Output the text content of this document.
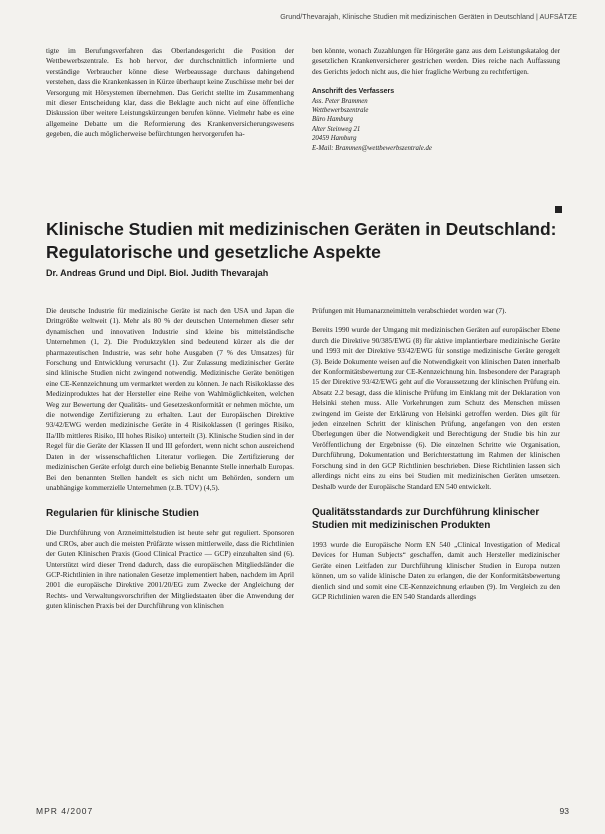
Grund/Thevarajah, Klinische Studien mit medizinischen Geräten in Deutschland | AUFSÄTZE

tigte im Berufungsverfahren das Oberlandesgericht die Position der Wettbewerbszentrale. Es hob hervor, der durchschnittlich informierte und verständige Verbraucher könne diese Werbeaussage durchaus dahingehend verstehen, dass die Krankenkassen in Kürze überhaupt keine Zuschüsse mehr bei der Versorgung mit Hörsystemen übernehmen. Das Gericht stellte im Zusammenhang mit dieser Entscheidung klar, dass die Beklagte auch nicht auf eine öffentliche Diskussion über weitere Leistungskürzungen berufen könne. Vielmehr habe es eine allgemeine Debatte um die Reformierung des Krankenversicherungswesens gegeben, die auch möglicherweise befürchtungen hervorgerufen ha-

ben könnte, wonach Zuzahlungen für Hörgeräte ganz aus dem Leistungskatalog der gesetzlichen Krankenversicherer gestrichen werden. Dies reiche nach Auffassung des Gerichts jedoch nicht aus, die hier fragliche Werbung zu rechtfertigen.

Anschrift des Verfassers
Ass. Peter Brammen
Wettbewerbszentrale
Büro Hamburg
Alter Steinweg 21
20459 Hamburg
E-Mail: Brammen@wettbewerbszentrale.de
Klinische Studien mit medizinischen Geräten in Deutschland: Regulatorische und gesetzliche Aspekte
Dr. Andreas Grund und Dipl. Biol. Judith Thevarajah

Die deutsche Industrie für medizinische Geräte ist nach den USA und Japan die Drittgrößte weltweit (1). Mehr als 80 % der deutschen Unternehmen dieser sehr dynamischen und innovativen Industrie sind kleine bis mittelständische Unternehmen (1, 2). Die Produktzyklen sind bedeutend kürzer als die der pharmazeutischen Industrie, was sehr hohe Ausgaben (7 % des Umsatzes) für Forschung und Entwicklung verursacht (1). Zur Zulassung medizinischer Geräte sind klinische Studien nicht zwingend notwendig. Medizinische Geräte benötigen eine CE-Kennzeichnung um vermarktet werden zu können. Je nach Risikoklasse des Medizinproduktes hat der Hersteller eine Reihe von Wahlmöglichkeiten, welchen Weg zur Bewertung der Qualitäts- und Gesetzeskonformität er nehmen möchte, um die notwendige Zertifizierung zu erhalten. Laut der Europäischen Direktive 93/42/EWG werden medizinische Geräte in 4 Risikoklassen (I geringes Risiko, IIa/IIb mittleres Risiko, III hohes Risiko) unterteilt (3). Klinische Studien sind in der Regel für die Geräte der Klassen II und III gefordert, wenn nicht schon ausreichend Daten in der wissenschaftlichen Literatur vorliegen. Die Zertifizierung der medizinischen Geräte erfolgt durch eine beliebig Benannte Stelle innerhalb Europas. Bei den benannten Stellen handelt es sich nicht um Behörden, sondern um unabhängige kommerzielle Unternehmen (z.B. TÜV) (4,5).

Regularien für klinische Studien

Die Durchführung von Arzneimittelstudien ist heute sehr gut reguliert. Sponsoren und CROs, aber auch die meisten Prüfärzte wissen mittlerweile, dass die Richtlinien der Guten Klinischen Praxis (Good Clinical Practice — GCP) einzuhalten sind (6). Unterstützt wird dieser Trend dadurch, dass die europäischen Mitgliedsländer die GCP-Richtlinien in ihre nationalen Gesetze implementiert haben, nachdem im April 2001 die europäische Direktive 2001/20/EG zum Zwecke der Angleichung der Rechts- und Verwaltungsvorschriften der Mitgliedstaaten über die Anwendung der guten klinischen Praxis bei der Durchführung von klinischen

Prüfungen mit Humanarzneimitteln verabschiedet worden war (7).

Bereits 1990 wurde der Umgang mit medizinischen Geräten auf europäischer Ebene durch die Direktive 90/385/EWG (8) für aktive implantierbare medizinische Geräte und 1993 mit der Direktive 93/42/EWG für sonstige medizinische Geräte geregelt (3). Beide Dokumente weisen auf die Notwendigkeit von klinischen Daten innerhalb der Konformitätsbewertung zur CE-Kennzeichnung hin. Insbesondere der Paragraph 15 der Direktive 93/42/EWG geht auf die Voraussetzung der klinischen Prüfung ein. Absatz 2.2 besagt, dass die klinische Prüfung im Einklang mit der Deklaration von Helsinki stehen muss. Alle Vorkehrungen zum Schutz des Menschen müssen zwingend im Geiste der Erklärung von Helsinki getroffen werden. Dies gilt für jeden einzelnen Schritt der klinischen Prüfung, angefangen von den ersten Überlegungen über die Notwendigkeit und Berechtigung der Studie bis hin zur Veröffentlichung der Ergebnisse (6). Die einzelnen Schritte wie Organisation, Durchführung, Dokumentation und Berichterstattung im Rahmen der klinischen Forschung sind in den GCP Richtlinien beschrieben. Diese Richtlinien lassen sich allerdings nicht eins zu eins bei Studien mit medizinischen Geräten umsetzen. Deshalb wurde der Europäische Standard EN 540 entwickelt.

Qualitätsstandards zur Durchführung klinischer Studien mit medizinischen Produkten

1993 wurde die Europäische Norm EN 540 „Clinical Investigation of Medical Devices for Human Subjects“ geschaffen, damit auch Hersteller medizinischer Geräte einen Leitfaden zur Durchführung klinischer Studien in Europa nutzen können, um so valide klinische Daten zu erlangen, die der Konformitätsbewertung dienlich sind und somit eine CE-Kennzeichnung erlauben (9). Im Vergleich zu den GCP Richtlinien waren die EN 540 Standards allerdings

MPR 4/2007	93
